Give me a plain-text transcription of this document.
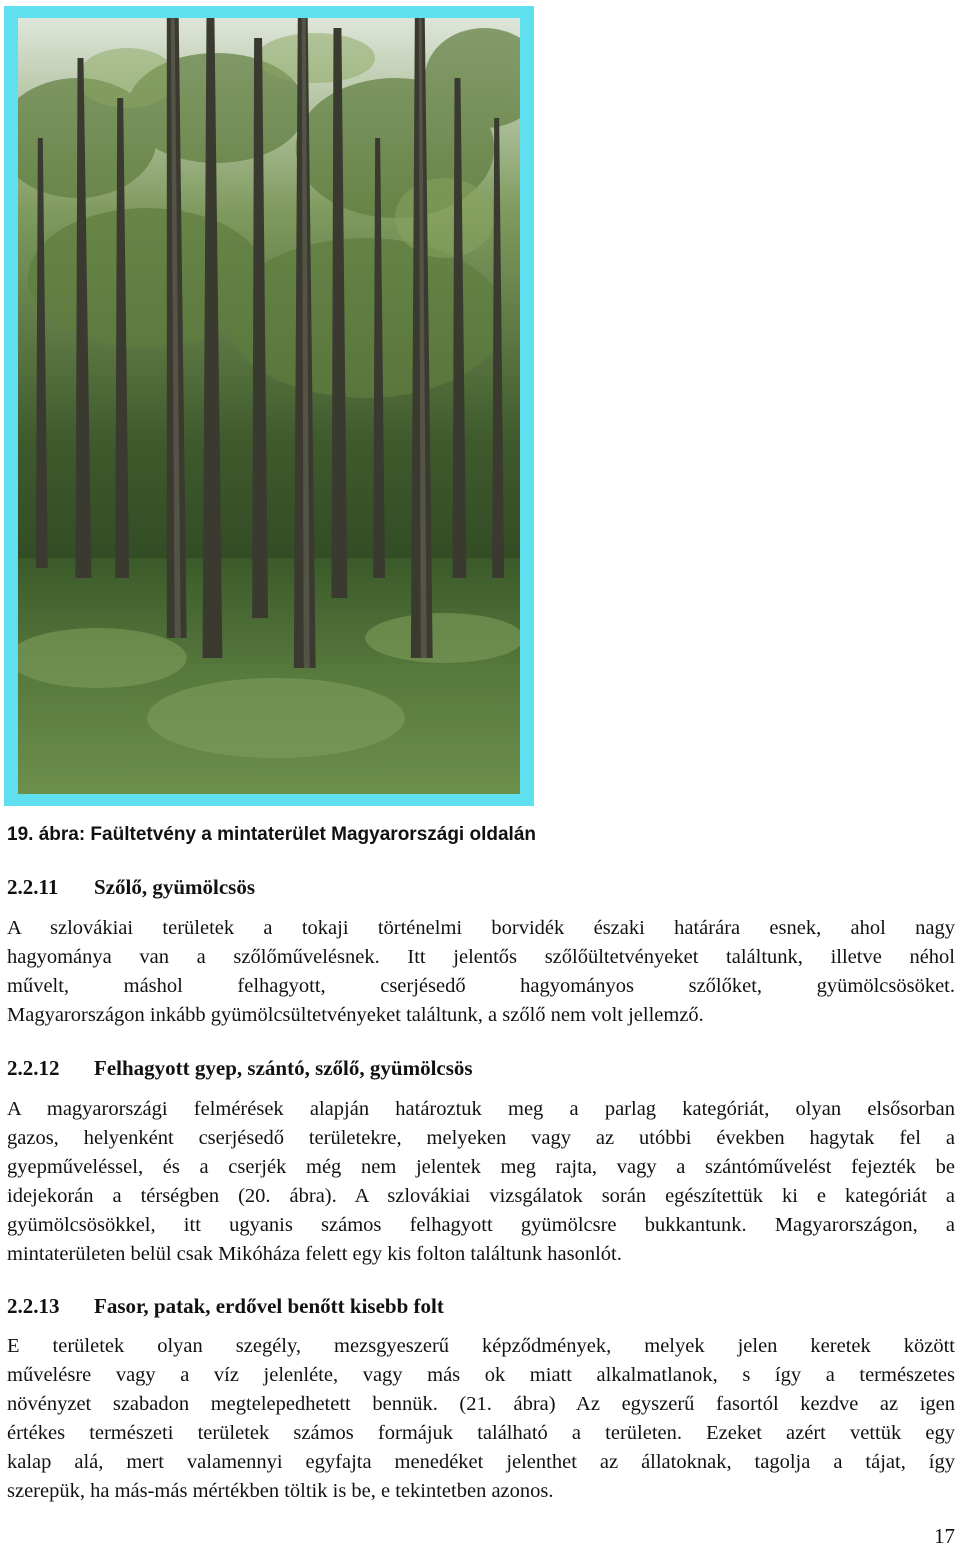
19. ábra: Faültetvény a mintaterület Magyarországi oldalán
2.2.11 Szőlő, gyümölcsös

A szlovákiai területek a tokaji történelmi borvidék északi határára esnek, ahol nagy
hagyománya van a szőlőművelésnek. Itt jelentős szőlőültetvényeket találtunk, illetve néhol
művelt, máshol felhagyott, cserjésedő hagyományos szőlőket, gyümölcsösöket.
Magyarországon inkább gyümölcsültetvényeket találtunk, a szőlő nem volt jellemző.

2.2.12 Felhagyott gyep, szántó, szőlő, gyümölcsös

A magyarországi felmérések alapján határoztuk meg a parlag kategóriát, olyan elsősorban
gazos, helyenként cserjésedő területekre, melyeken vagy az utóbbi években hagytak fel a
gyepműveléssel, és a cserjék még nem jelentek meg rajta, vagy a szántóművelést fejezték be
idejekorán a térségben (20. ábra). A szlovákiai vizsgálatok során egészítettük ki e kategóriát a
gyümölcsösökkel, itt ugyanis számos felhagyott gyümölcsre bukkantunk. Magyarországon, a
mintaterületen belül csak Mikóháza felett egy kis folton találtunk hasonlót.

2.2.13 Fasor, patak, erdővel benőtt kisebb folt

E területek olyan szegély, mezsgyeszerű képződmények, melyek jelen keretek között
művelésre vagy a víz jelenléte, vagy más ok miatt alkalmatlanok, s így a természetes
növényzet szabadon megtelepedhetett bennük. (21. ábra) Az egyszerű fasortól kezdve az igen
értékes természeti területek számos formájuk található a területen. Ezeket azért vettük egy
kalap alá, mert valamennyi egyfajta menedéket jelenthet az állatoknak, tagolja a tájat, így
szerepük, ha más-más mértékben töltik is be, e tekintetben azonos.

17
